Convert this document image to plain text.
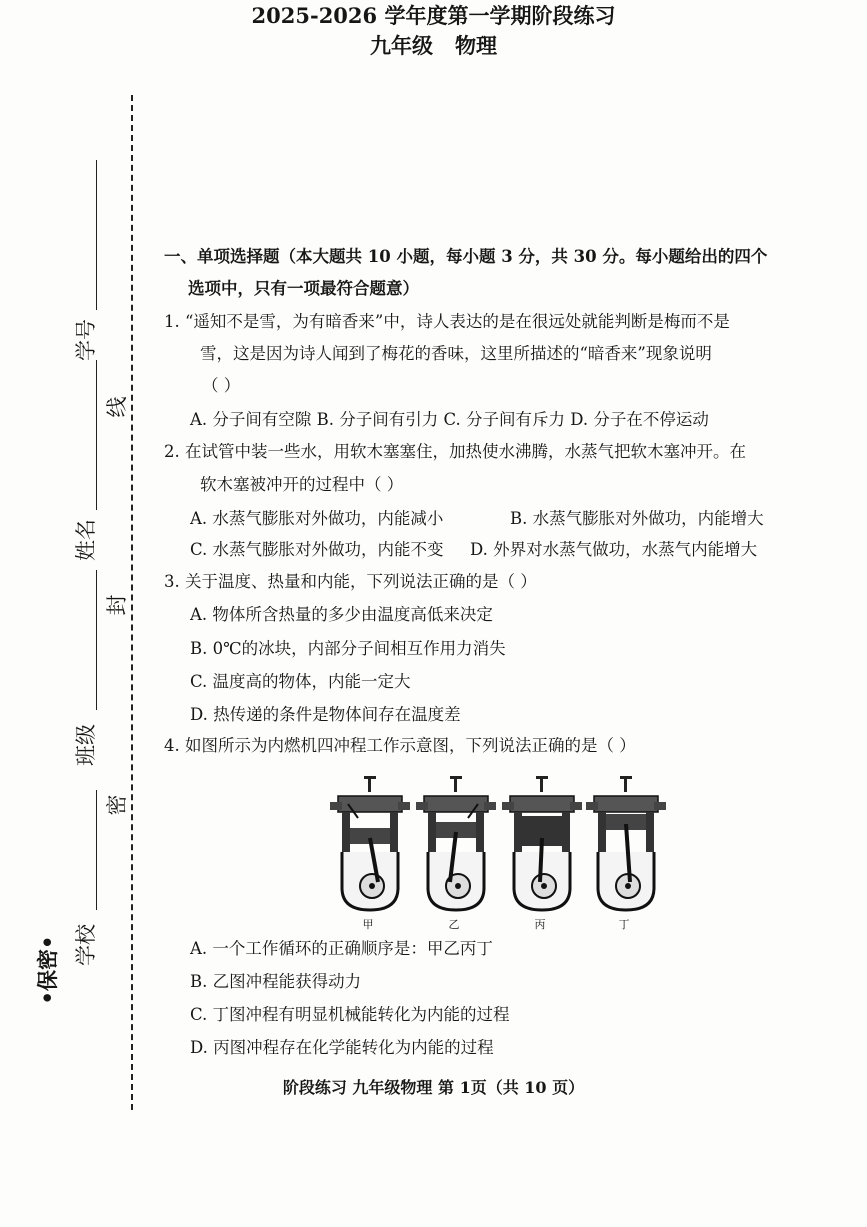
•保密• 学校
班级
姓名
学号
密
封
线
2025-2026 学年度第一学期阶段练习
九年级 物理
一、单项选择题（本大题共 10 小题，每小题 3 分，共 30 分。每小题给出的四个
选项中，只有一项最符合题意）
1. “遥知不是雪，为有暗香来”中，诗人表达的是在很远处就能判断是梅而不是
雪，这是因为诗人闻到了梅花的香味，这里所描述的“暗香来”现象说明
（ ）
A. 分子间有空隙 B. 分子间有引力 C. 分子间有斥力 D. 分子在不停运动
2. 在试管中装一些水，用软木塞塞住，加热使水沸腾，水蒸气把软木塞冲开。在
软木塞被冲开的过程中（ ）
A. 水蒸气膨胀对外做功，内能减小	B. 水蒸气膨胀对外做功，内能增大
C. 水蒸气膨胀对外做功，内能不变 D. 外界对水蒸气做功，水蒸气内能增大
3. 关于温度、热量和内能，下列说法正确的是（ ）
A. 物体所含热量的多少由温度高低来决定
B. 0℃的冰块，内部分子间相互作用力消失
C. 温度高的物体，内能一定大
D. 热传递的条件是物体间存在温度差
4. 如图所示为内燃机四冲程工作示意图，下列说法正确的是（ ）
甲	乙	丙	丁
A. 一个工作循环的正确顺序是：甲乙丙丁
B. 乙图冲程能获得动力
C. 丁图冲程有明显机械能转化为内能的过程
D. 丙图冲程存在化学能转化为内能的过程
阶段练习 九年级物理 第 1页（共 10 页）
